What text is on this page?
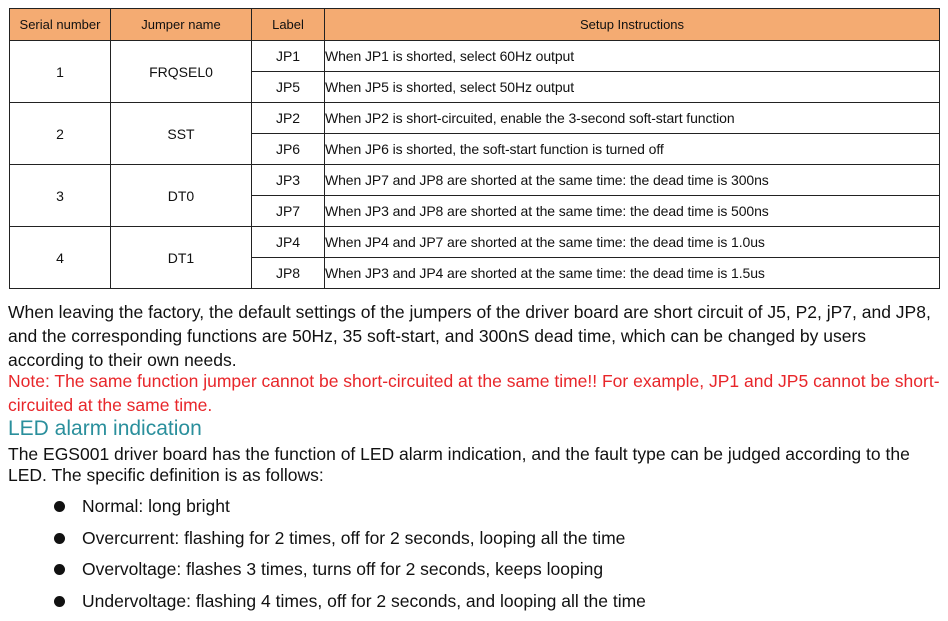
Serial number	Jumper name	Label	Setup Instructions
1	FRQSEL0	JP1	When JP1 is shorted, select 60Hz output
		JP5	When JP5 is shorted, select 50Hz output
2	SST	JP2	When JP2 is short-circuited, enable the 3-second soft-start function
		JP6	When JP6 is shorted, the soft-start function is turned off
3	DT0	JP3	When JP7 and JP8 are shorted at the same time: the dead time is 300ns
		JP7	When JP3 and JP8 are shorted at the same time: the dead time is 500ns
4	DT1	JP4	When JP4 and JP7 are shorted at the same time: the dead time is 1.0us
		JP8	When JP3 and JP4 are shorted at the same time: the dead time is 1.5us

When leaving the factory, the default settings of the jumpers of the driver board are short circuit of J5, P2, jP7, and JP8, and the corresponding functions are 50Hz, 35 soft-start, and 300nS dead time, which can be changed by users according to their own needs.

Note: The same function jumper cannot be short-circuited at the same time!! For example, JP1 and JP5 cannot be short-circuited at the same time.

LED alarm indication

The EGS001 driver board has the function of LED alarm indication, and the fault type can be judged according to the LED. The specific definition is as follows:

Normal: long bright
Overcurrent: flashing for 2 times, off for 2 seconds, looping all the time
Overvoltage: flashes 3 times, turns off for 2 seconds, keeps looping
Undervoltage: flashing 4 times, off for 2 seconds, and looping all the time
